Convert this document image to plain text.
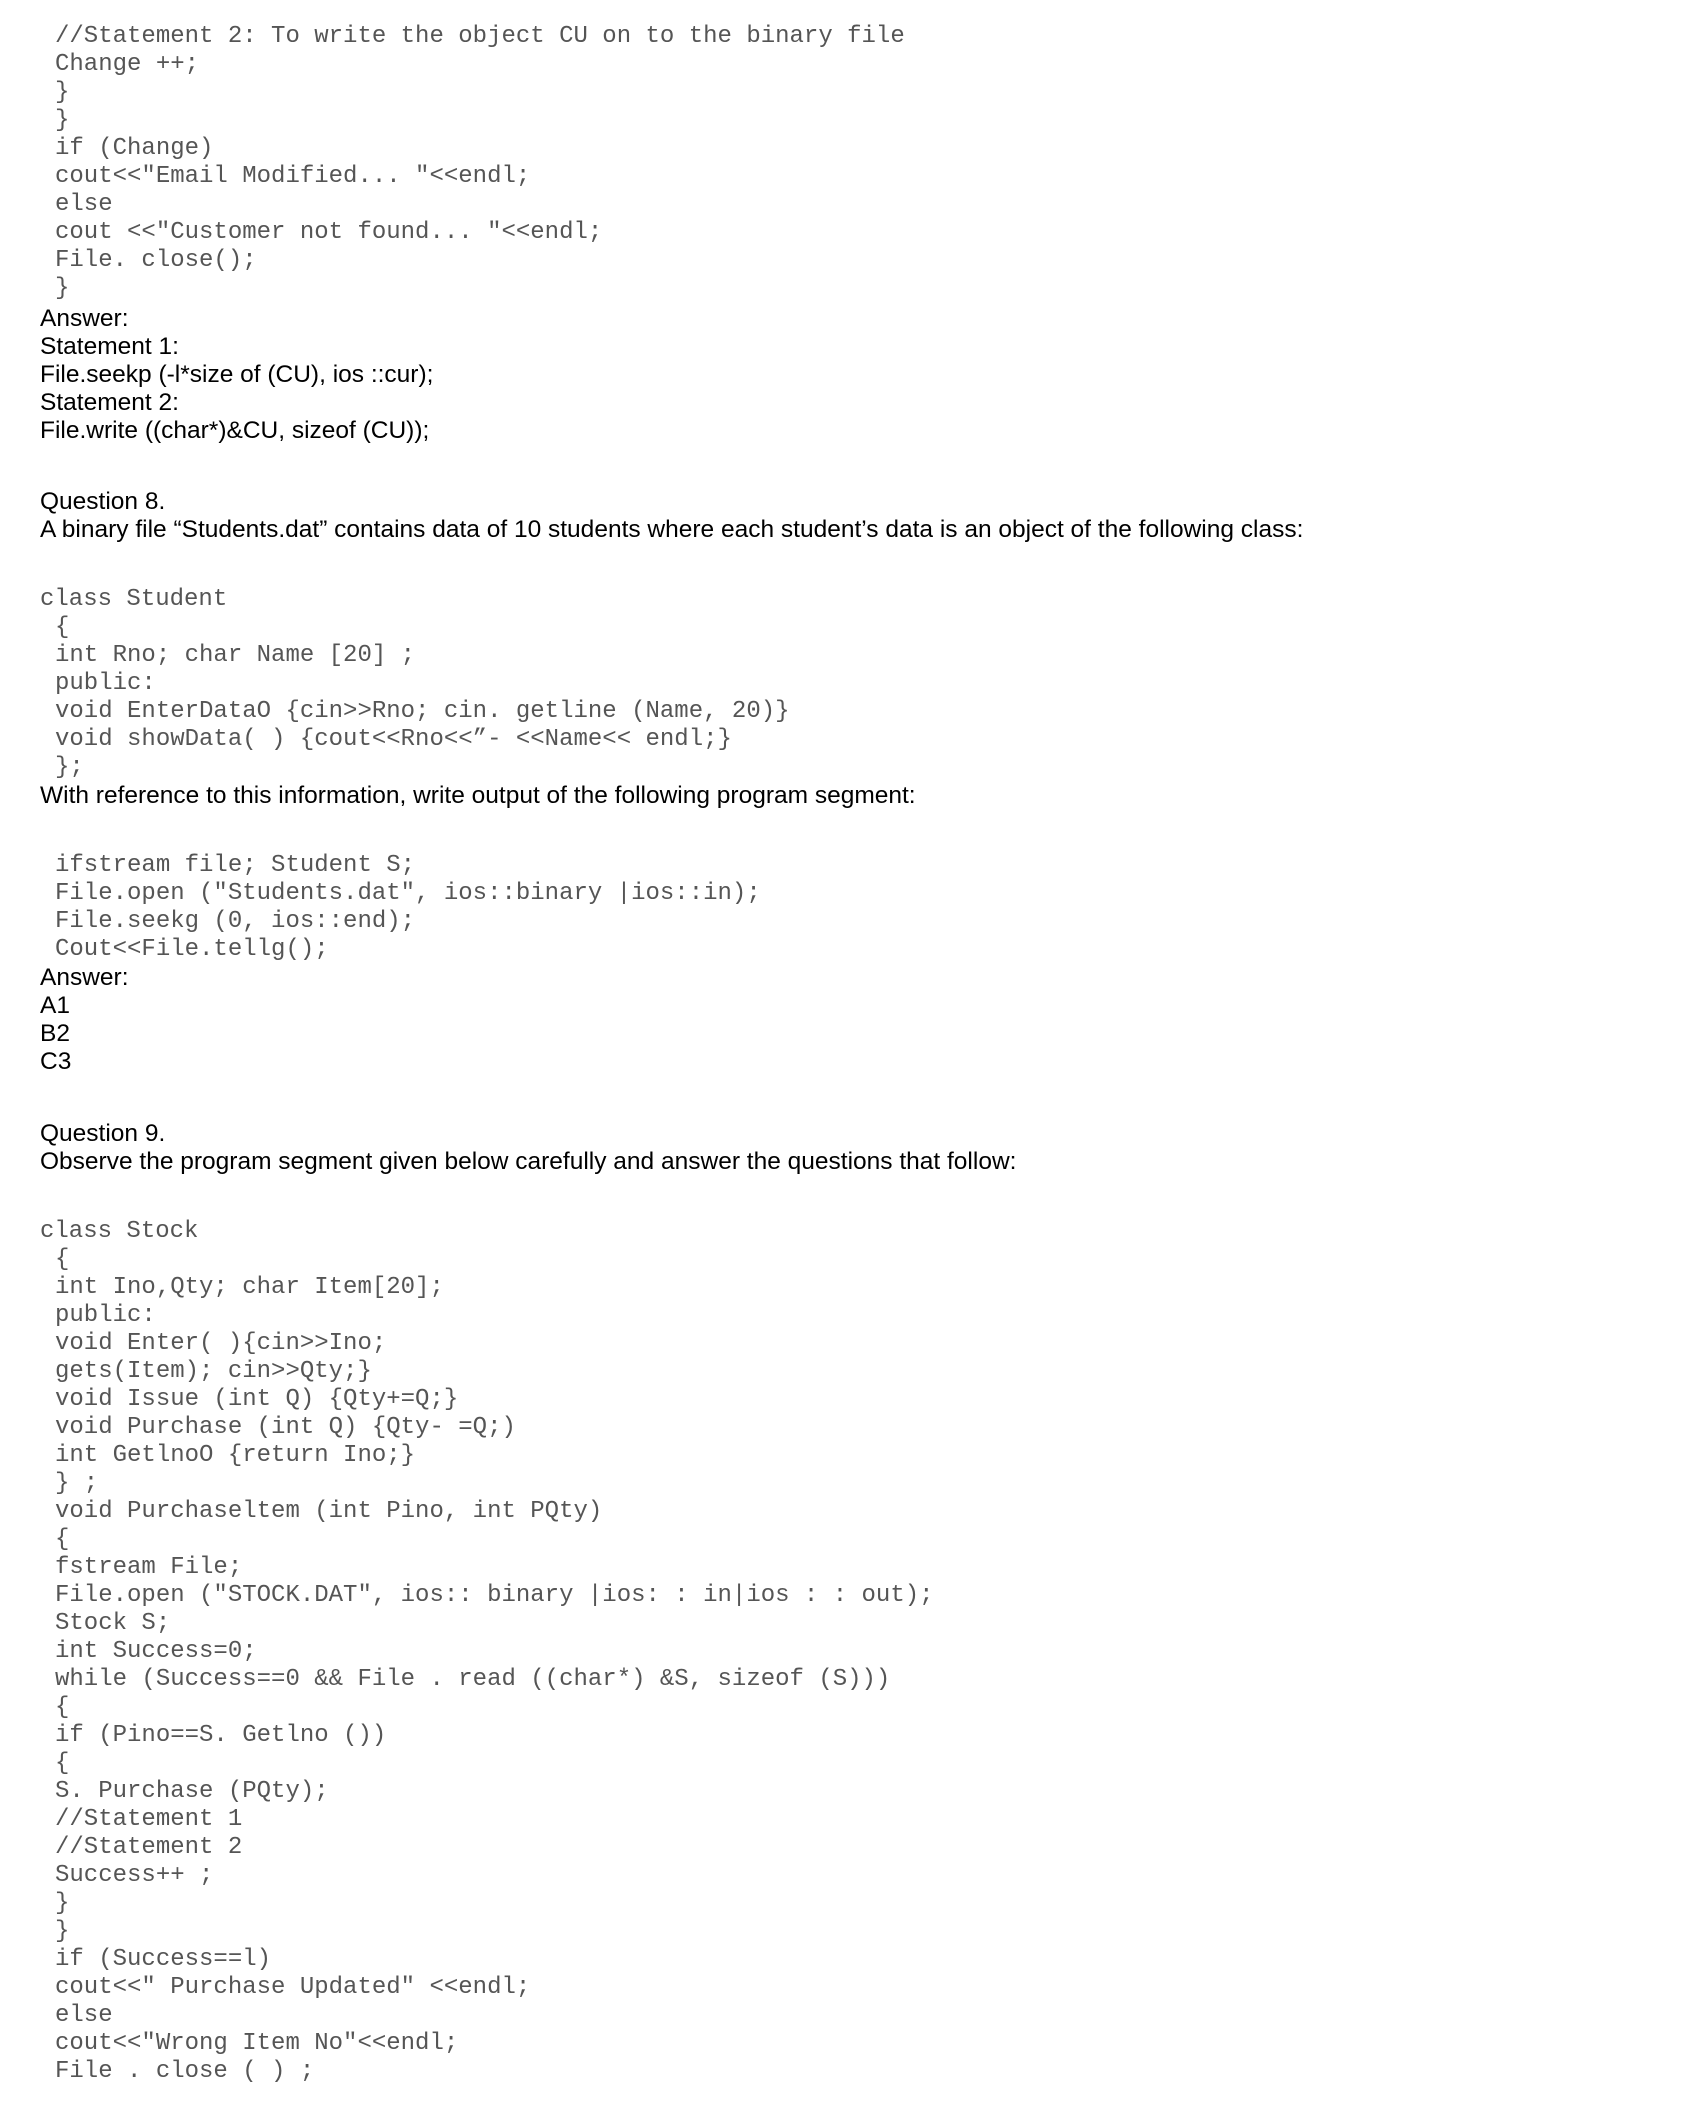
//Statement 2: To write the object CU on to the binary file

Change ++;

}

}

if (Change)

cout<<"Email Modified... "<<endl;

else

cout <<"Customer not found... "<<endl;

File. close();

}

Answer:

Statement 1:

File.seekp (-l*size of (CU), ios ::cur);

Statement 2:

File.write ((char*)&CU, sizeof (CU));

Question 8.

A binary file “Students.dat” contains data of 10 students where each student’s data is an object of the following class:

class Student

{

int Rno; char Name [20] ;

public:

void EnterDataO {cin>>Rno; cin. getline (Name, 20)}

void showData( ) {cout<<Rno<<”- <<Name<< endl;}

};

With reference to this information, write output of the following program segment:

ifstream file; Student S;

File.open ("Students.dat", ios::binary |ios::in);

File.seekg (0, ios::end);

Cout<<File.tellg();

Answer:

A1

B2

C3

Question 9.

Observe the program segment given below carefully and answer the questions that follow:

class Stock

{

int Ino,Qty; char Item[20];

public:

void Enter( ){cin>>Ino;

gets(Item); cin>>Qty;}

void Issue (int Q) {Qty+=Q;}

void Purchase (int Q) {Qty- =Q;)

int GetlnoO {return Ino;}

} ;

void Purchaseltem (int Pino, int PQty)

{

fstream File;

File.open ("STOCK.DAT", ios:: binary |ios: : in|ios : : out);

Stock S;

int Success=0;

while (Success==0 && File . read ((char*) &S, sizeof (S)))

{

if (Pino==S. Getlno ())

{

S. Purchase (PQty);

//Statement 1

//Statement 2

Success++ ;

}

}

if (Success==l)

cout<<" Purchase Updated" <<endl;

else

cout<<"Wrong Item No"<<endl;

File . close ( ) ;
